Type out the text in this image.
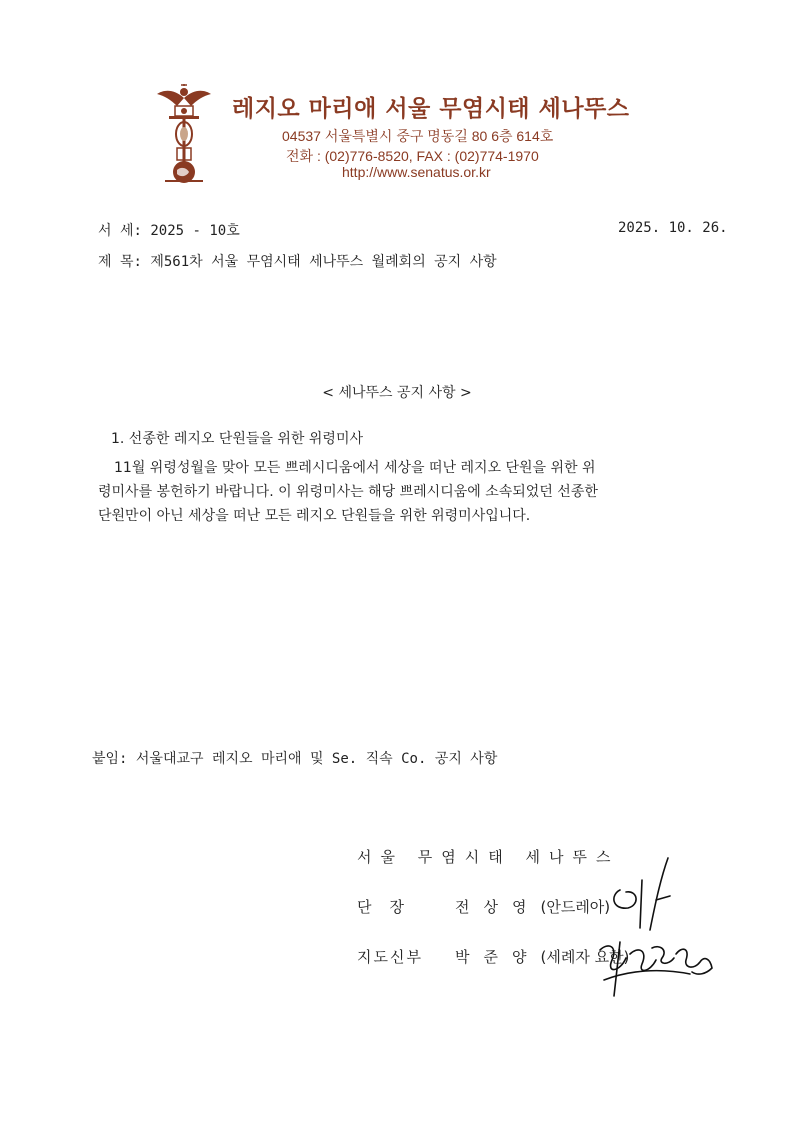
레지오 마리애 서울 무염시태 세나뚜스
04537 서울특별시 중구 명동길 80 6층 614호
전화 : (02)776-8520, FAX : (02)774-1970
http://www.senatus.or.kr
서 세: 2025 - 10호	2025. 10. 26.
제 목: 제561차 서울 무염시태 세나뚜스 월례회의 공지 사항
< 세나뚜스 공지 사항 >
1. 선종한 레지오 단원들을 위한 위령미사
11월 위령성월을 맞아 모든 쁘레시디움에서 세상을 떠난 레지오 단원을 위한 위
령미사를 봉헌하기 바랍니다. 이 위령미사는 해당 쁘레시디움에 소속되었던 선종한
단원만이 아닌 세상을 떠난 모든 레지오 단원들을 위한 위령미사입니다.
붙임: 서울대교구 레지오 마리애 및 Se. 직속 Co. 공지 사항
서울 무염시태 세나뚜스
단장 전상영(안드레아)
지도신부 박준양(세례자 요한)
